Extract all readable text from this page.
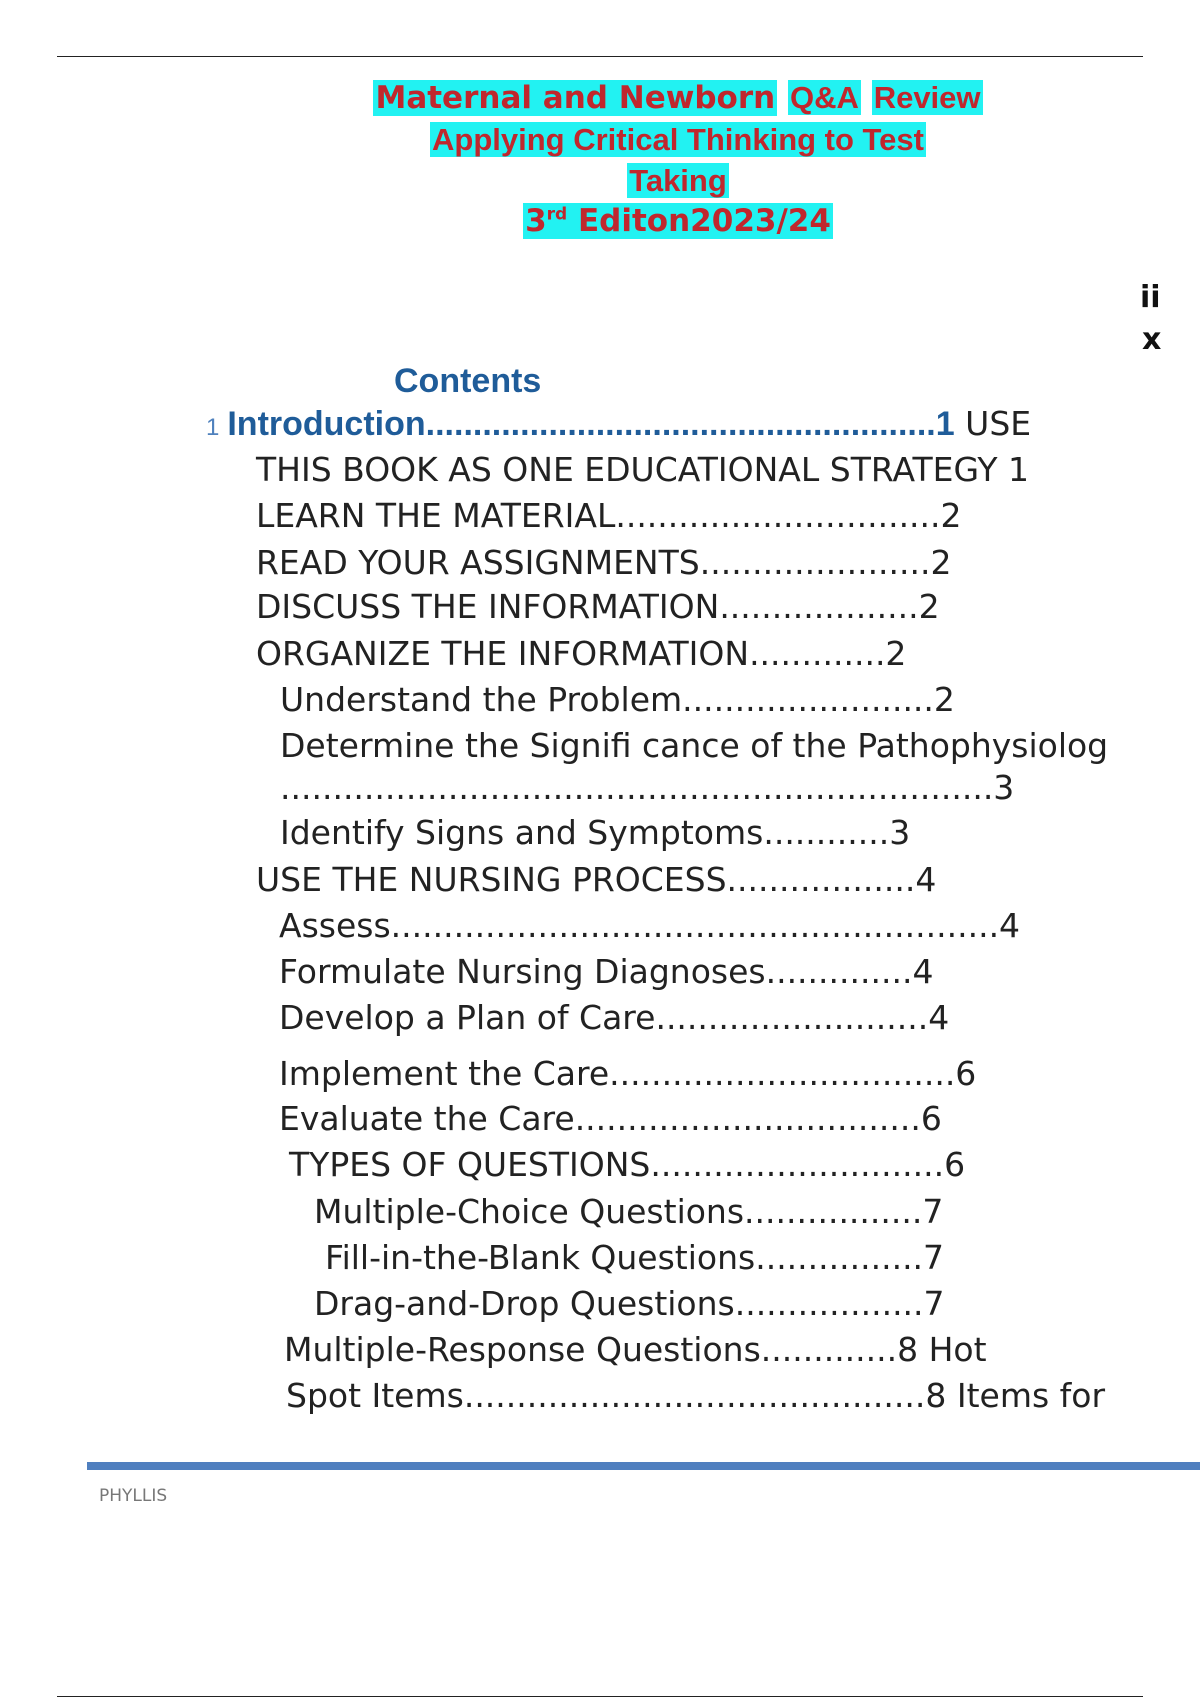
Maternal and Newborn Q&A Review
Applying Critical Thinking to Test
Taking
3rd Editon2023/24
ii
x
Contents
1 Introduction......................................................1 USE
THIS BOOK AS ONE EDUCATIONAL STRATEGY 1
LEARN THE MATERIAL...............................2
READ YOUR ASSIGNMENTS......................2
DISCUSS THE INFORMATION...................2
ORGANIZE THE INFORMATION.............2
Understand the Problem........................2
Determine the Signifi cance of the Pathophysiolog
....................................................................3
Identify Signs and Symptoms............3
USE THE NURSING PROCESS..................4
Assess..........................................................4
Formulate Nursing Diagnoses..............4
Develop a Plan of Care..........................4
Implement the Care.................................6
Evaluate the Care.................................6
TYPES OF QUESTIONS............................6
Multiple-Choice Questions.................7
Fill-in-the-Blank Questions................7
Drag-and-Drop Questions..................7
Multiple-Response Questions.............8 Hot
Spot Items............................................8 Items for
PHYLLIS
